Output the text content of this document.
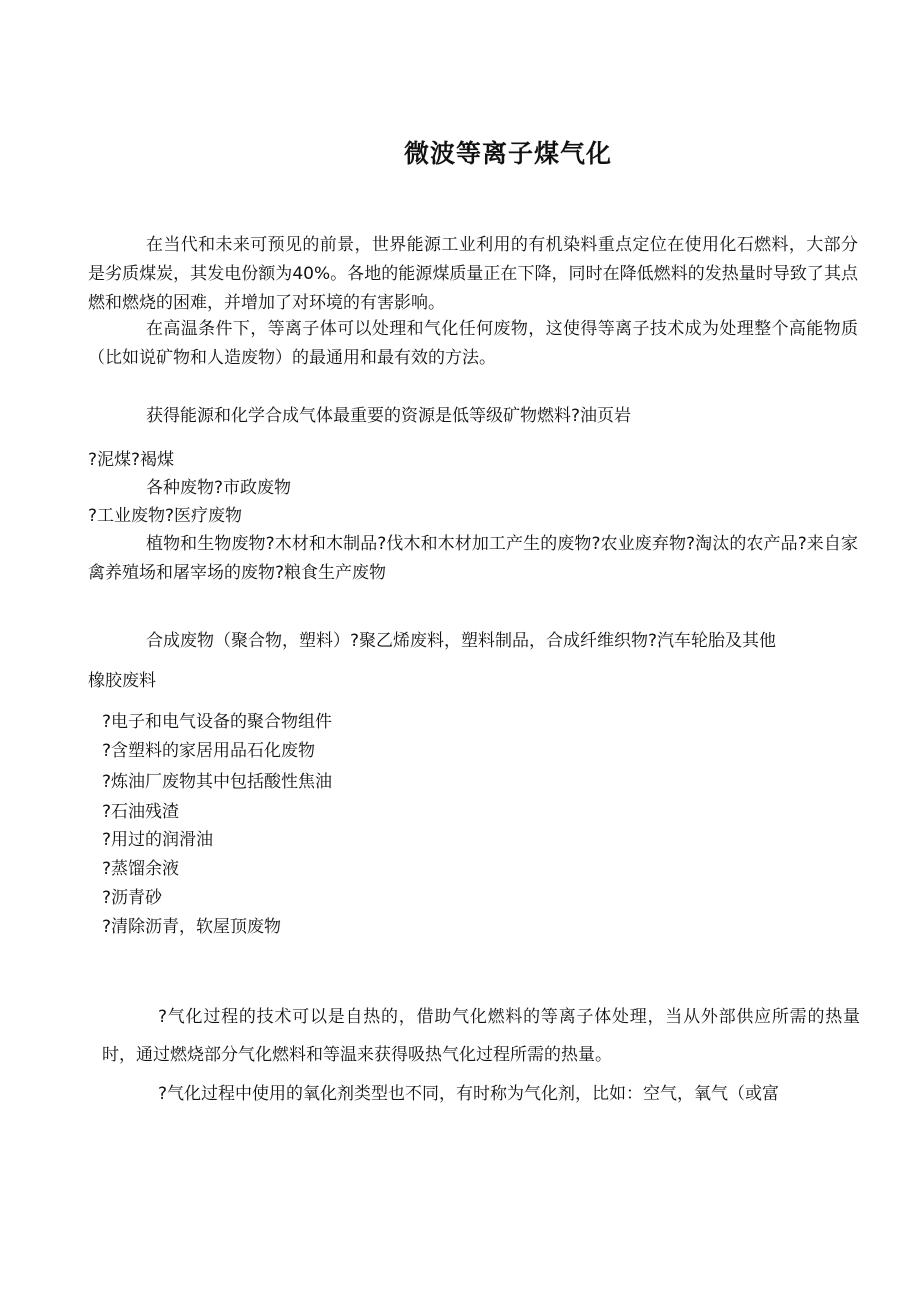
微波等离子煤气化
在当代和未来可预见的前景，世界能源工业利用的有机染料重点定位在使用化石燃料，大部分是劣质煤炭，其发电份额为40%。各地的能源煤质量正在下降，同时在降低燃料的发热量时导致了其点燃和燃烧的困难，并增加了对环境的有害影响。
在高温条件下，等离子体可以处理和气化任何废物，这使得等离子技术成为处理整个高能物质（比如说矿物和人造废物）的最通用和最有效的方法。
获得能源和化学合成气体最重要的资源是低等级矿物燃料?油页岩
?泥煤?褐煤
各种废物?市政废物
?工业废物?医疗废物
植物和生物废物?木材和木制品?伐木和木材加工产生的废物?农业废弃物?淘汰的农产品?来自家禽养殖场和屠宰场的废物?粮食生产废物
合成废物（聚合物，塑料）?聚乙烯废料，塑料制品，合成纤维织物?汽车轮胎及其他
橡胶废料
?电子和电气设备的聚合物组件
?含塑料的家居用品石化废物
?炼油厂废物其中包括酸性焦油
?石油残渣
?用过的润滑油
?蒸馏余液
?沥青砂
?清除沥青，软屋顶废物
?气化过程的技术可以是自热的，借助气化燃料的等离子体处理，当从外部供应所需的热量时，通过燃烧部分气化燃料和等温来获得吸热气化过程所需的热量。
?气化过程中使用的氧化剂类型也不同，有时称为气化剂，比如：空气，氧气（或富
